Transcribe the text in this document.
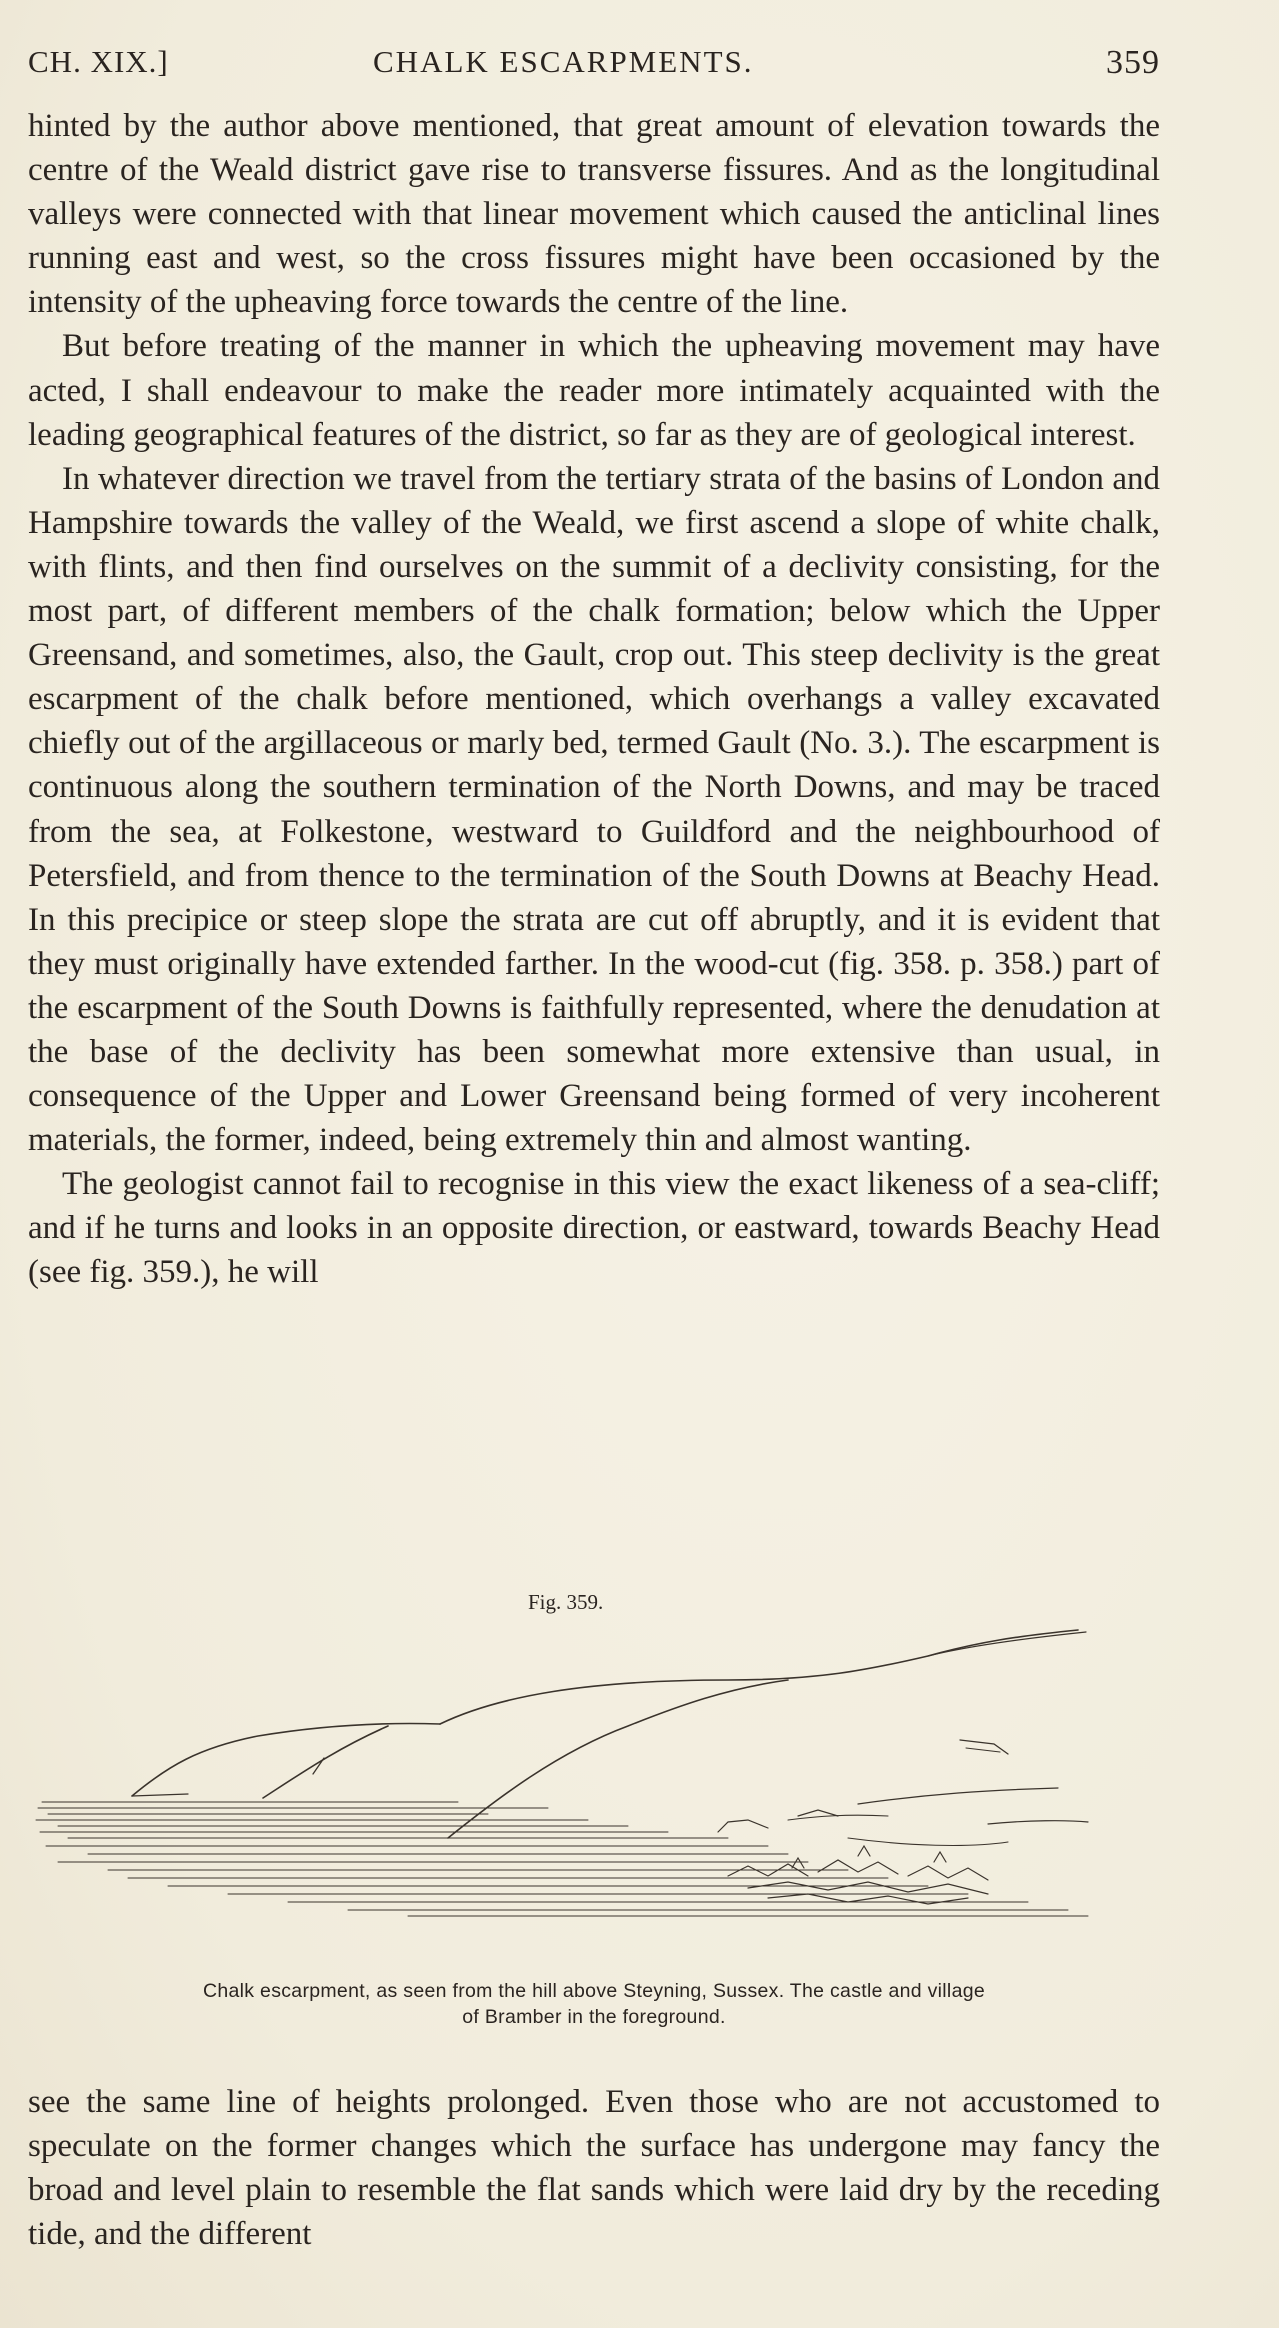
CH. XIX.]	CHALK ESCARPMENTS.	359

hinted by the author above mentioned, that great amount of elevation towards the centre of the Weald district gave rise to transverse fissures. And as the longitudinal valleys were connected with that linear movement which caused the anticlinal lines running east and west, so the cross fissures might have been occasioned by the intensity of the upheaving force towards the centre of the line.

But before treating of the manner in which the upheaving movement may have acted, I shall endeavour to make the reader more intimately acquainted with the leading geographical features of the district, so far as they are of geological interest.

In whatever direction we travel from the tertiary strata of the basins of London and Hampshire towards the valley of the Weald, we first ascend a slope of white chalk, with flints, and then find ourselves on the summit of a declivity consisting, for the most part, of different members of the chalk formation; below which the Upper Greensand, and sometimes, also, the Gault, crop out. This steep declivity is the great escarpment of the chalk before mentioned, which overhangs a valley excavated chiefly out of the argillaceous or marly bed, termed Gault (No. 3.). The escarpment is continuous along the southern termination of the North Downs, and may be traced from the sea, at Folkestone, westward to Guildford and the neighbourhood of Petersfield, and from thence to the termination of the South Downs at Beachy Head. In this precipice or steep slope the strata are cut off abruptly, and it is evident that they must originally have extended farther. In the wood-cut (fig. 358. p. 358.) part of the escarpment of the South Downs is faithfully represented, where the denudation at the base of the declivity has been somewhat more extensive than usual, in consequence of the Upper and Lower Greensand being formed of very incoherent materials, the former, indeed, being extremely thin and almost wanting.

The geologist cannot fail to recognise in this view the exact likeness of a sea-cliff; and if he turns and looks in an opposite direction, or eastward, towards Beachy Head (see fig. 359.), he will

Fig. 359.
Chalk escarpment, as seen from the hill above Steyning, Sussex. The castle and village
of Bramber in the foreground.

see the same line of heights prolonged. Even those who are not accustomed to speculate on the former changes which the surface has undergone may fancy the broad and level plain to resemble the flat sands which were laid dry by the receding tide, and the different
